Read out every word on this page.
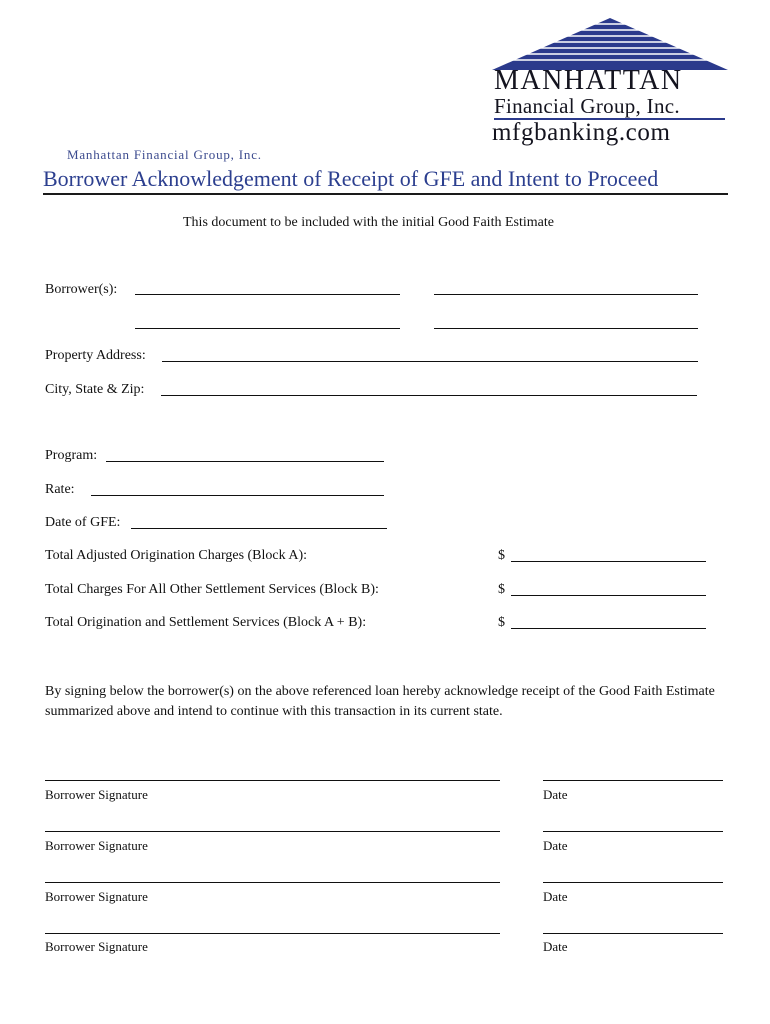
MANHATTAN
Financial Group, Inc.
mfgbanking.com
Manhattan Financial Group, Inc.
Borrower Acknowledgement of Receipt of GFE and Intent to Proceed
This document to be included with the initial Good Faith Estimate
Borrower(s):
Property Address:
City, State & Zip:
Program:
Rate:
Date of GFE:
Total Adjusted Origination Charges (Block A):	$
Total Charges For All Other Settlement Services (Block B):	$
Total Origination and Settlement Services (Block A + B):	$
By signing below the borrower(s) on the above referenced loan hereby acknowledge receipt of the Good Faith Estimate summarized above and intend to continue with this transaction in its current state.
Borrower Signature	Date
Borrower Signature	Date
Borrower Signature	Date
Borrower Signature	Date
